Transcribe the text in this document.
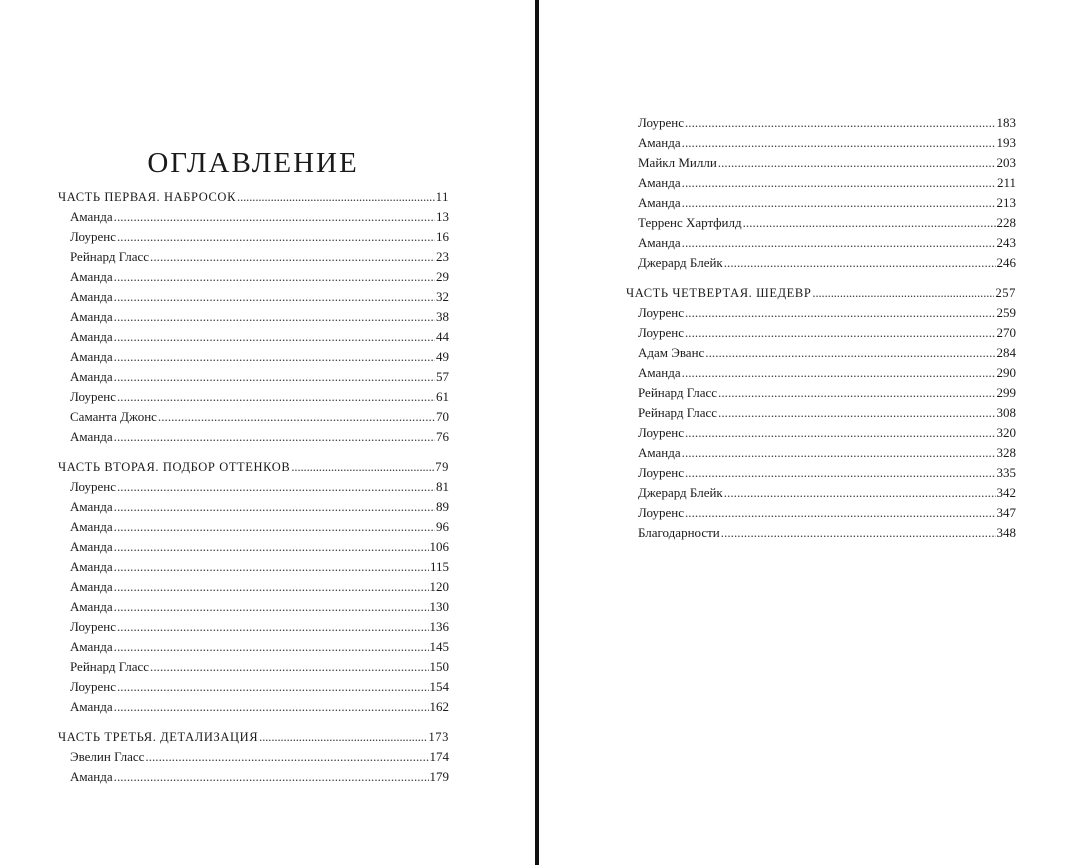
ОГЛАВЛЕНИЕ
ЧАСТЬ ПЕРВАЯ. НАБРОСОК . . .	11
Аманда . . .	13
Лоуренс . . .	16
Рейнард Гласс . . .	23
Аманда . . .	29
Аманда . . .	32
Аманда . . .	38
Аманда . . .	44
Аманда . . .	49
Аманда . . .	57
Лоуренс . . .	61
Саманта Джонс . . .	70
Аманда . . .	76
ЧАСТЬ ВТОРАЯ. ПОДБОР ОТТЕНКОВ . . .	79
Лоуренс . . .	81
Аманда . . .	89
Аманда . . .	96
Аманда . . .	106
Аманда . . .	115
Аманда . . .	120
Аманда . . .	130
Лоуренс . . .	136
Аманда . . .	145
Рейнард Гласс . . .	150
Лоуренс . . .	154
Аманда . . .	162
ЧАСТЬ ТРЕТЬЯ. ДЕТАЛИЗАЦИЯ . . .	173
Эвелин Гласс . . .	174
Аманда . . .	179
Лоуренс . . .	183
Аманда . . .	193
Майкл Милли . . .	203
Аманда . . .	211
Аманда . . .	213
Терренс Хартфилд . . .	228
Аманда . . .	243
Джерард Блейк . . .	246
ЧАСТЬ ЧЕТВЕРТАЯ. ШЕДЕВР . . .	257
Лоуренс . . .	259
Лоуренс . . .	270
Адам Эванс . . .	284
Аманда . . .	290
Рейнард Гласс . . .	299
Рейнард Гласс . . .	308
Лоуренс . . .	320
Аманда . . .	328
Лоуренс . . .	335
Джерард Блейк . . .	342
Лоуренс . . .	347
Благодарности . . .	348
